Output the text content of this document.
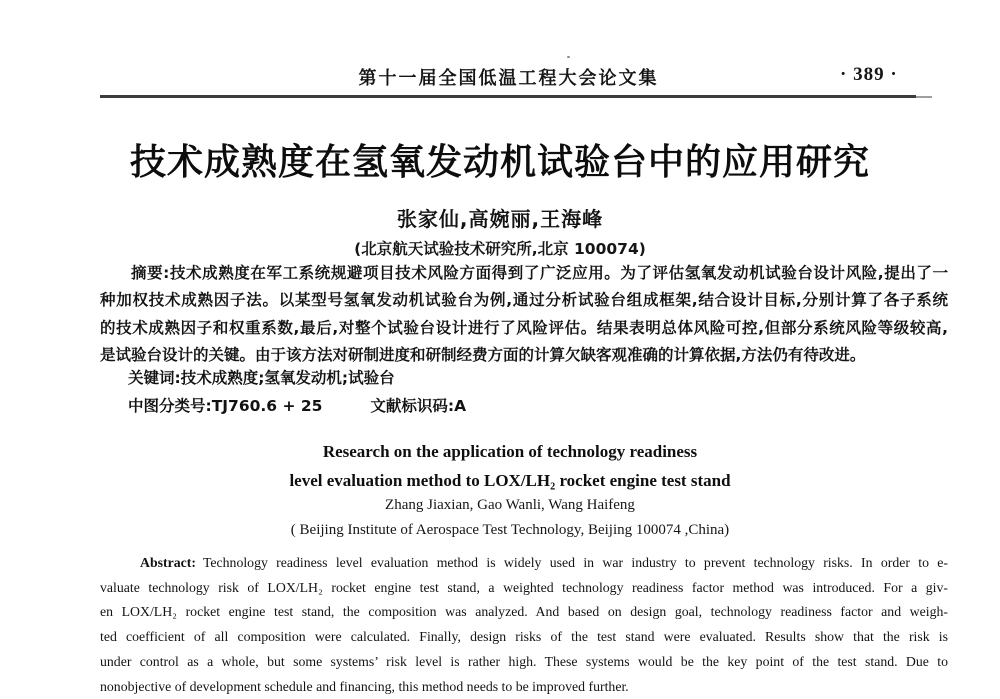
第十一届全国低温工程大会论文集	· 389 ·
技术成熟度在氢氧发动机试验台中的应用研究
张家仙,高婉丽,王海峰
(北京航天试验技术研究所,北京 100074)
摘要:技术成熟度在军工系统规避项目技术风险方面得到了广泛应用。为了评估氢氧发动机试验台设计风险,提出了一
种加权技术成熟因子法。以某型号氢氧发动机试验台为例,通过分析试验台组成框架,结合设计目标,分别计算了各子系统
的技术成熟因子和权重系数,最后,对整个试验台设计进行了风险评估。结果表明总体风险可控,但部分系统风险等级较高,
是试验台设计的关键。由于该方法对研制进度和研制经费方面的计算欠缺客观准确的计算依据,方法仍有待改进。
关键词:技术成熟度;氢氧发动机;试验台
中图分类号:TJ760.6 + 25	文献标识码:A
Research on the application of technology readiness
level evaluation method to LOX/LH₂ rocket engine test stand
Zhang Jiaxian, Gao Wanli, Wang Haifeng
( Beijing Institute of Aerospace Test Technology, Beijing 100074 ,China)
Abstract: Technology readiness level evaluation method is widely used in war industry to prevent technology risks. In order to e-
valuate technology risk of LOX/LH₂ rocket engine test stand, a weighted technology readiness factor method was introduced. For a giv-
en LOX/LH₂ rocket engine test stand, the composition was analyzed. And based on design goal, technology readiness factor and weigh-
ted coefficient of all composition were calculated. Finally, design risks of the test stand were evaluated. Results show that the risk is
under control as a whole, but some systems’ risk level is rather high. These systems would be the key point of the test stand. Due to
nonobjective of development schedule and financing, this method needs to be improved further.
